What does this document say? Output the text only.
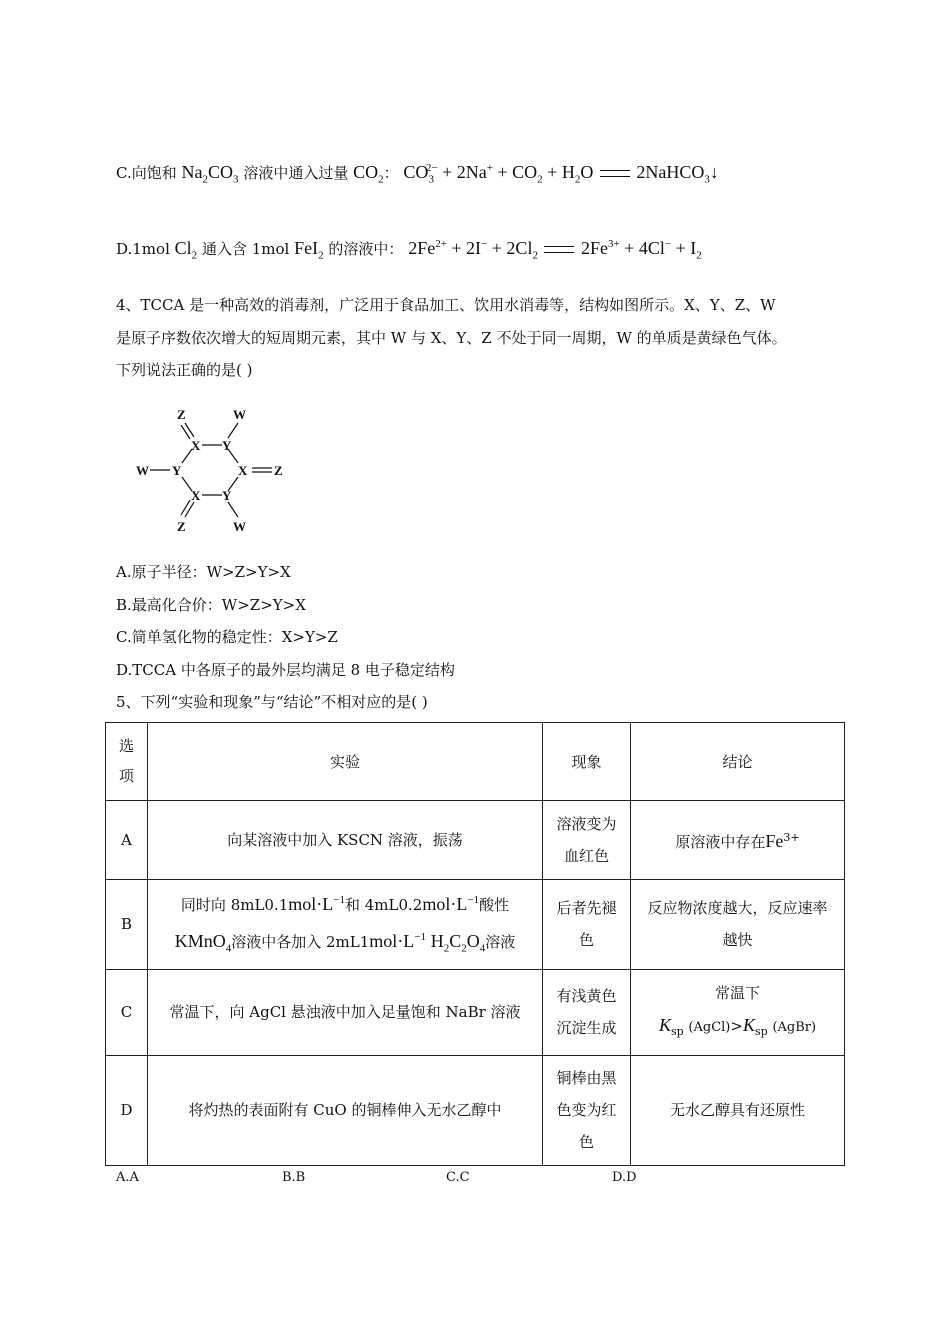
C.向饱和 $Na_2CO_3$ 溶液中通入过量 $CO_2$： $CO_3^{2-} + 2Na^+ + CO_2 + H_2O$ 2NaHCO$_3$↓
D.1mol $Cl_2$ 通入含 1mol FeI$_2$ 的溶液中： $2Fe^{2+} + 2I^- + 2Cl_2$ $2Fe^{3+} + 4Cl^- + I_2$
4、TCCA 是一种高效的消毒剂，广泛用于食品加工、饮用水消毒等，结构如图所示。X、Y、Z、W
是原子序数依次增大的短周期元素，其中 W 与 X、Y、Z 不处于同一周期，W 的单质是黄绿色气体。
下列说法正确的是( )
Z	W
X Y
W Y	X Z
X Y
Z	W
A.原子半径：W>Z>Y>X
B.最高化合价：W>Z>Y>X
C.简单氢化物的稳定性：X>Y>Z
D.TCCA 中各原子的最外层均满足 8 电子稳定结构
5、下列“实验和现象”与“结论”不相对应的是( )
选项	实验	现象	结论
A	向某溶液中加入 KSCN 溶液，振荡	溶液变为血红色	原溶液中存在$Fe^{3+}$
B	同时向 $8mL0.1mol\cdot L^{-1}$和 $4mL0.2mol\cdot L^{-1}$酸性
KMnO$_4$溶液中各加入 $2mL1mol\cdot L^{-1}$ $H_2C_2O_4$溶液	后者先褪色	反应物浓度越大，反应速率越快

C	常温下，向 AgCl 悬浊液中加入足量饱和 NaBr 溶液	有浅黄色沉淀生成	常温下
$K_{sp}$ $(AgCl)>K_{sp}$ (AgBr)

D	将灼热的表面附有 CuO 的铜棒伸入无水乙醇中	铜棒由黑色变为红色	无水乙醇具有还原性
A.A	B.B	C.C	D.D
